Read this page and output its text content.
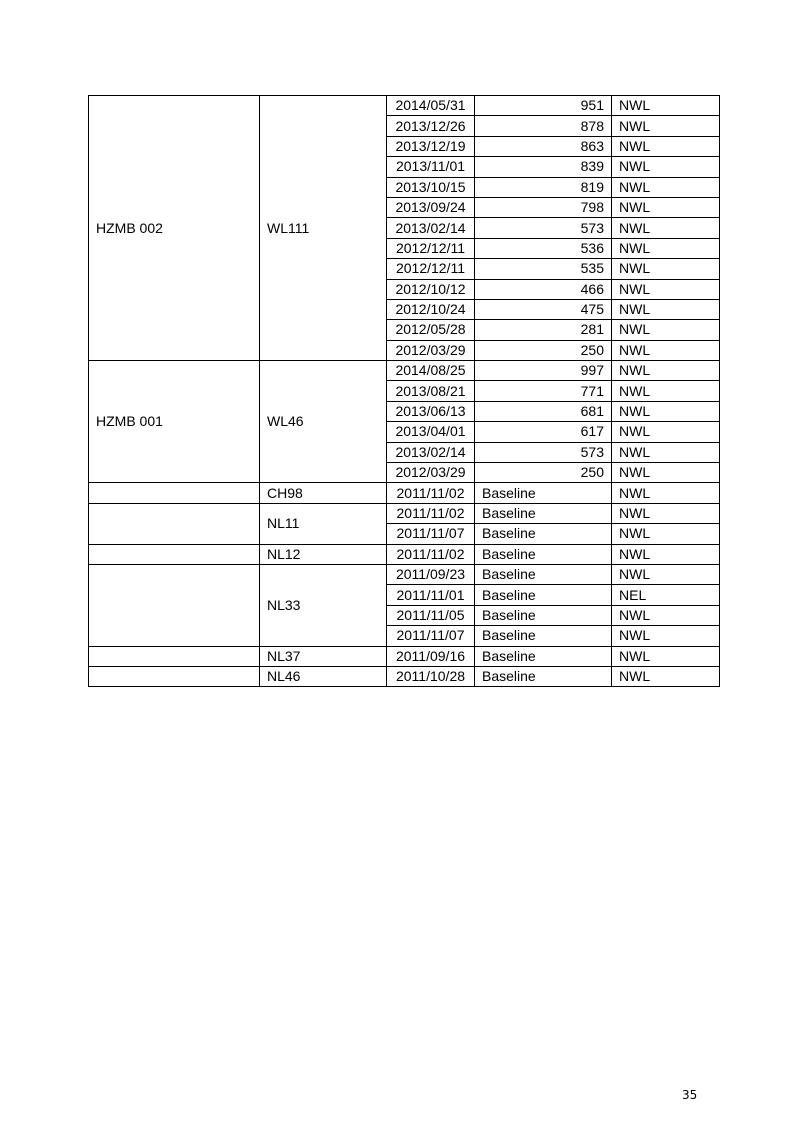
HZMB 002	WL111	2014/05/31	951	NWL
		2013/12/26	878	NWL
		2013/12/19	863	NWL
		2013/11/01	839	NWL
		2013/10/15	819	NWL
		2013/09/24	798	NWL
		2013/02/14	573	NWL
		2012/12/11	536	NWL
		2012/12/11	535	NWL
		2012/10/12	466	NWL
		2012/10/24	475	NWL
		2012/05/28	281	NWL
		2012/03/29	250	NWL
HZMB 001	WL46	2014/08/25	997	NWL
		2013/08/21	771	NWL
		2013/06/13	681	NWL
		2013/04/01	617	NWL
		2013/02/14	573	NWL
		2012/03/29	250	NWL
	CH98	2011/11/02	Baseline	NWL
	NL11	2011/11/02	Baseline	NWL
		2011/11/07	Baseline	NWL
	NL12	2011/11/02	Baseline	NWL
	NL33	2011/09/23	Baseline	NWL
		2011/11/01	Baseline	NEL
		2011/11/05	Baseline	NWL
		2011/11/07	Baseline	NWL
	NL37	2011/09/16	Baseline	NWL
	NL46	2011/10/28	Baseline	NWL
35
